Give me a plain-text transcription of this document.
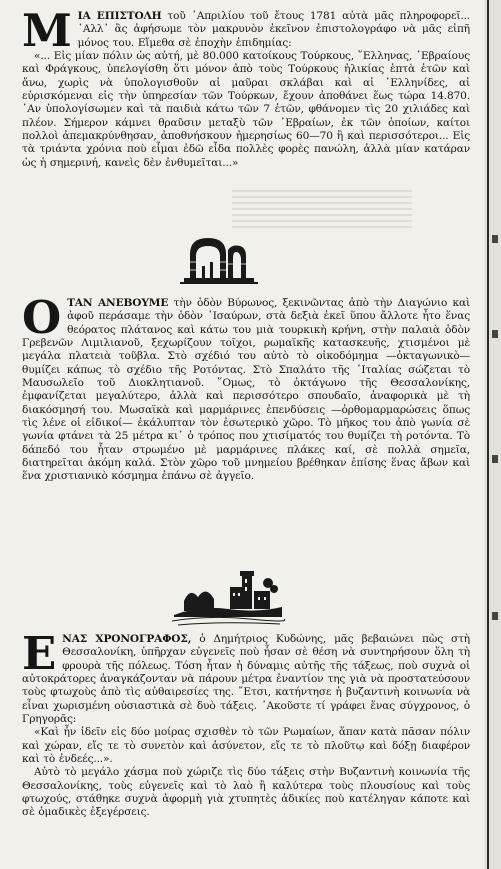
Μ ΙΑ ΕΠΙΣΤΟΛΗ τοῦ ᾽Απριλίου τοῦ ἔτους 1781 αὐτὰ μᾶς πληροφορεῖ... ᾽Αλλ᾽ ἂς ἀφήσωμε τὸν μακρυνὸν ἐκεῖνον ἐπιστολογράφο νὰ μᾶς εἰπῆ μόνος του. Εἴμεθα σὲ ἐποχὴν ἐπιδημίας:

«... Εἰς μίαν πόλιν ὡς αὐτή, μὲ 80.000 κατοίκους Τούρκους, ῞Ελληνας, ᾽Εβραίους καὶ Φράγκους, ὑπελογίσθη ὅτι μόνον ἀπὸ τοὺς Τούρκους ἡλικίας ἑπτὰ ἐτῶν καὶ ἄνω, χωρὶς νὰ ὑπολογισθοῦν αἱ μαῦραι σκλάβαι καὶ αἱ ῾Ελληνίδες, αἱ εὑρισκόμεναι εἰς τὴν ὑπηρεσίαν τῶν Τούρκων, ἔχουν ἀποθάνει ἕως τώρα 14.870. ᾽Αν ὑπολογίσωμεν καὶ τὰ παιδιὰ κάτω τῶν 7 ἐτῶν, φθάνομεν τὶς 20 χιλιάδες καὶ πλέον. Σήμερον κάμνει θραῦσιν μεταξὺ τῶν ᾽Εβραίων, ἐκ τῶν ὁποίων, καίτοι πολλοὶ ἀπεμακρύνθησαν, ἀποθνήσκουν ἡμερησίως 60—70 ἢ καὶ περισσότεροι... Εἰς τὰ τριάντα χρόνια ποὺ εἶμαι ἐδῶ εἶδα πολλὲς φορὲς πανώλη, ἀλλὰ μίαν κατάραν ὡς ἡ σημερινή, κανεὶς δὲν ἐνθυμεῖται...»

Ο ΤΑΝ ΑΝΕΒΟΥΜΕ τὴν ὁδὸν Βύρωνος, ξεκινῶντας ἀπὸ τὴν Διαγώνιο καὶ ἀφοῦ περάσαμε τὴν ὁδὸν ᾽Ισαύρων, στὰ δεξιὰ ἐκεῖ ὕπου ἄλλοτε ἦτο ἕνας θεόρατος πλάτανος καὶ κάτω του μιὰ τουρκικὴ κρήνη, στὴν παλαιὰ ὁδὸν Γρεβενῶν Λιμιλιανοῦ, ξεχωρίζουν τοῖχοι, ρωμαϊκῆς κατασκευῆς, χτισμένοι μὲ μεγάλα πλατειὰ τοῦβλα. Στὸ σχέδιό του αὐτὸ τὸ οἰκοδόμημα —ὀκταγωνικὸ— θυμίζει κάπως τὸ σχέδιο τῆς Ροτόντας. Στὸ Σπαλάτο τῆς ᾽Ιταλίας σώζεται τὸ Μαυσωλεῖο τοῦ Διοκλητιανοῦ. ῞Ομως, τὸ ὀκτάγωνο τῆς Θεσσαλονίκης, ἐμφανίζεται μεγαλύτερο, ἀλλὰ καὶ περισσότερο σπουδαῖο, ἀναφορικὰ μὲ τὴ διακόσμησή του. Μωσαϊκὰ καὶ μαρμάρινες ἐπενδύσεις —ὀρθομαρμαρώσεις ὅπως τὶς λένε οἱ εἰδικοί— ἐκάλυπταν τὸν ἐσωτερικὸ χῶρο. Τὸ μῆκος του ἀπὸ γωνία σὲ γωνία φτάνει τὰ 25 μέτρα κι᾽ ὁ τρόπος που χτισίματός του θυμίζει τὴ ροτόντα. Τὸ δάπεδό του ἦταν στρωμένο μὲ μαρμάρινες πλάκες καί, σὲ πολλὰ σημεῖα, διατηρεῖται ἀκόμη καλά. Στὸν χῶρο τοῦ μνημείου βρέθηκαν ἐπίσης ἕνας ἄβων καὶ ἕνα χριστιανικὸ κόσμημα ἐπάνω σὲ ἀγγεῖο.

Ε ΝΑΣ ΧΡΟΝΟΓΡΑΦΟΣ, ὁ Δημήτριος Κυδώνης, μᾶς βεβαιώνει πὼς στὴ Θεσσαλονίκη, ὑπῆρχαν εὐγενεῖς ποὺ ἦσαν σὲ θέση νὰ συντηρήσουν ὅλη τὴ φρουρὰ τῆς πόλεως. Τόση ἦταν ἡ δύναμις αὐτῆς τῆς τάξεως, ποὺ συχνὰ οἱ αὐτοκράτορες ἀναγκάζονταν νὰ πάρουν μέτρα ἐναντίον της γιὰ νὰ προστατεύσουν τοὺς φτωχοὺς ἀπὸ τὶς αὐθαιρεσίες της. ῎Ετσι, κατήντησε ἡ βυζαντινὴ κοινωνία νὰ εἶναι χωρισμένη οὐσιαστικὰ σὲ δυὸ τάξεις. ᾽Ακοῦστε τί γράφει ἕνας σύγχρονος, ὁ Γρηγορᾶς:

«Καὶ ἦν ἰδεῖν εἰς δύο μοίρας σχισθὲν τὸ τῶν Ρωμαίων, ἅπαν κατὰ πᾶσαν πόλιν καὶ χώραν, εἴς τε τὸ συνετὸν καὶ ἀσύνετον, εἴς τε τὸ πλοῦτῳ καὶ δόξῃ διαφέρον καὶ τὸ ἐνδεές...».

Αὐτὸ τὸ μεγάλο χάσμα ποὺ χώριζε τὶς δύο τάξεις στὴν Βυζαντινὴ κοινωνία τῆς Θεσσαλονίκης, τοὺς εὐγενεῖς καὶ τὸ λαὸ ἢ καλύτερα τοὺς πλουσίους καὶ τοὺς φτωχούς, στάθηκε συχνὰ ἀφορμὴ γιὰ χτυπητὲς ἀδικίες ποὺ κατέληγαν κάποτε καὶ σὲ ὁμαδικὲς ἐξεγέρσεις.
